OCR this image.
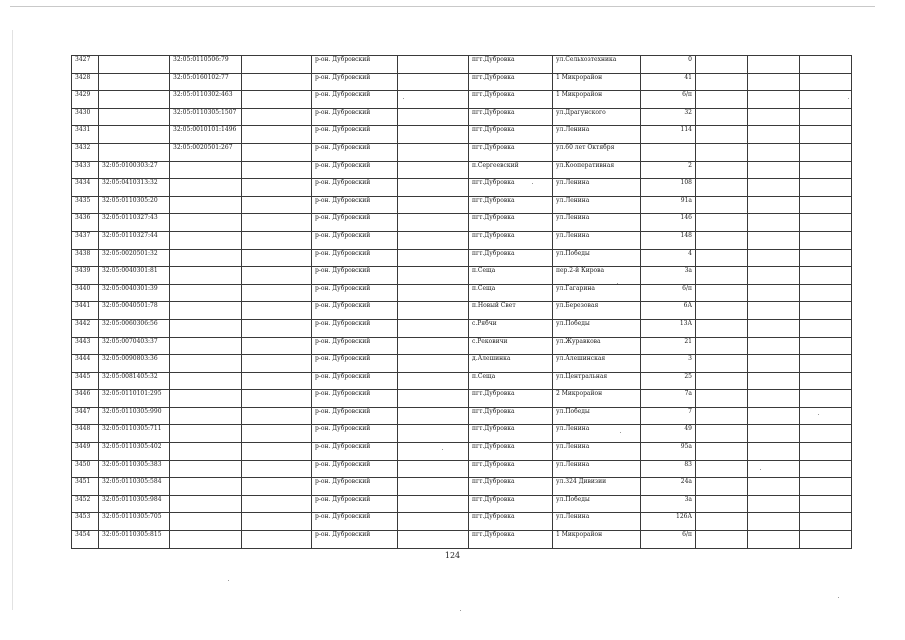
3427		32:05:0110506:79		р-он. Дубровский		пгт.Дубровка	ул.Сельхозтехника	0			
3428		32:05:0160102:77		р-он. Дубровский		пгт.Дубровка	1 Микрорайон	41			
3429		32:05:0110302:463		р-он. Дубровский		пгт.Дубровка	1 Микрорайон	6/п			
3430		32:05:0110305:1507		р-он. Дубровский		пгт.Дубровка	ул.Драгунского	32			
3431		32:05:0010101:1496		р-он. Дубровский		пгт.Дубровка	ул.Ленина	114			
3432		32:05:0020501:267		р-он. Дубровский		пгт.Дубровка	ул.60 лет Октября				
3433	32:05:0100303:27			р-он. Дубровский		п.Сергеевский	ул.Кооперативная	2			
3434	32:05:0410313:32			р-он. Дубровский		пгт.Дубровка	ул.Ленина	108			
3435	32:05:0110305:20			р-он. Дубровский		пгт.Дубровка	ул.Ленина	91а			
3436	32:05:0110327:43			р-он. Дубровский		пгт.Дубровка	ул.Ленина	146			
3437	32:05:0110327:44			р-он. Дубровский		пгт.Дубровка	ул.Ленина	148			
3438	32:05:0020501:32			р-он. Дубровский		пгт.Дубровка	ул.Победы	4			
3439	32:05:0040301:81			р-он. Дубровский		п.Сеща	пер.2-й Кирова	3а			
3440	32:05:0040301:39			р-он. Дубровский		п.Сеща	ул.Гагарина	6/п			
3441	32:05:0040501:78			р-он. Дубровский		п.Новый Свет	ул.Березовая	6А			
3442	32:05:0060306:56			р-он. Дубровский		с.Рябчи	ул.Победы	13А			
3443	32:05:0070403:37			р-он. Дубровский		с.Рековичи	ул.Журавкова	21			
3444	32:05:0090803:36			р-он. Дубровский		д.Алешинка	ул.Алешинская	3			
3445	32:05:0081405:32			р-он. Дубровский		п.Сеща	ул.Центральная	25			
3446	32:05:0110101:295			р-он. Дубровский		пгт.Дубровка	2 Микрорайон	7а			
3447	32:05:0110305:990			р-он. Дубровский		пгт.Дубровка	ул.Победы	7			
3448	32:05:0110305:711			р-он. Дубровский		пгт.Дубровка	ул.Ленина	49			
3449	32:05:0110305:402			р-он. Дубровский		пгт.Дубровка	ул.Ленина	95а			
3450	32:05:0110305:383			р-он. Дубровский		пгт.Дубровка	ул.Ленина	83			
3451	32:05:0110305:584			р-он. Дубровский		пгт.Дубровка	ул.324 Дивизии	24а			
3452	32:05:0110305:984			р-он. Дубровский		пгт.Дубровка	ул.Победы	3а			
3453	32:05:0110305:705			р-он. Дубровский		пгт.Дубровка	ул.Ленина	126А			
3454	32:05:0110305:815			р-он. Дубровский		пгт.Дубровка	1 Микрорайон	6/п			
124
